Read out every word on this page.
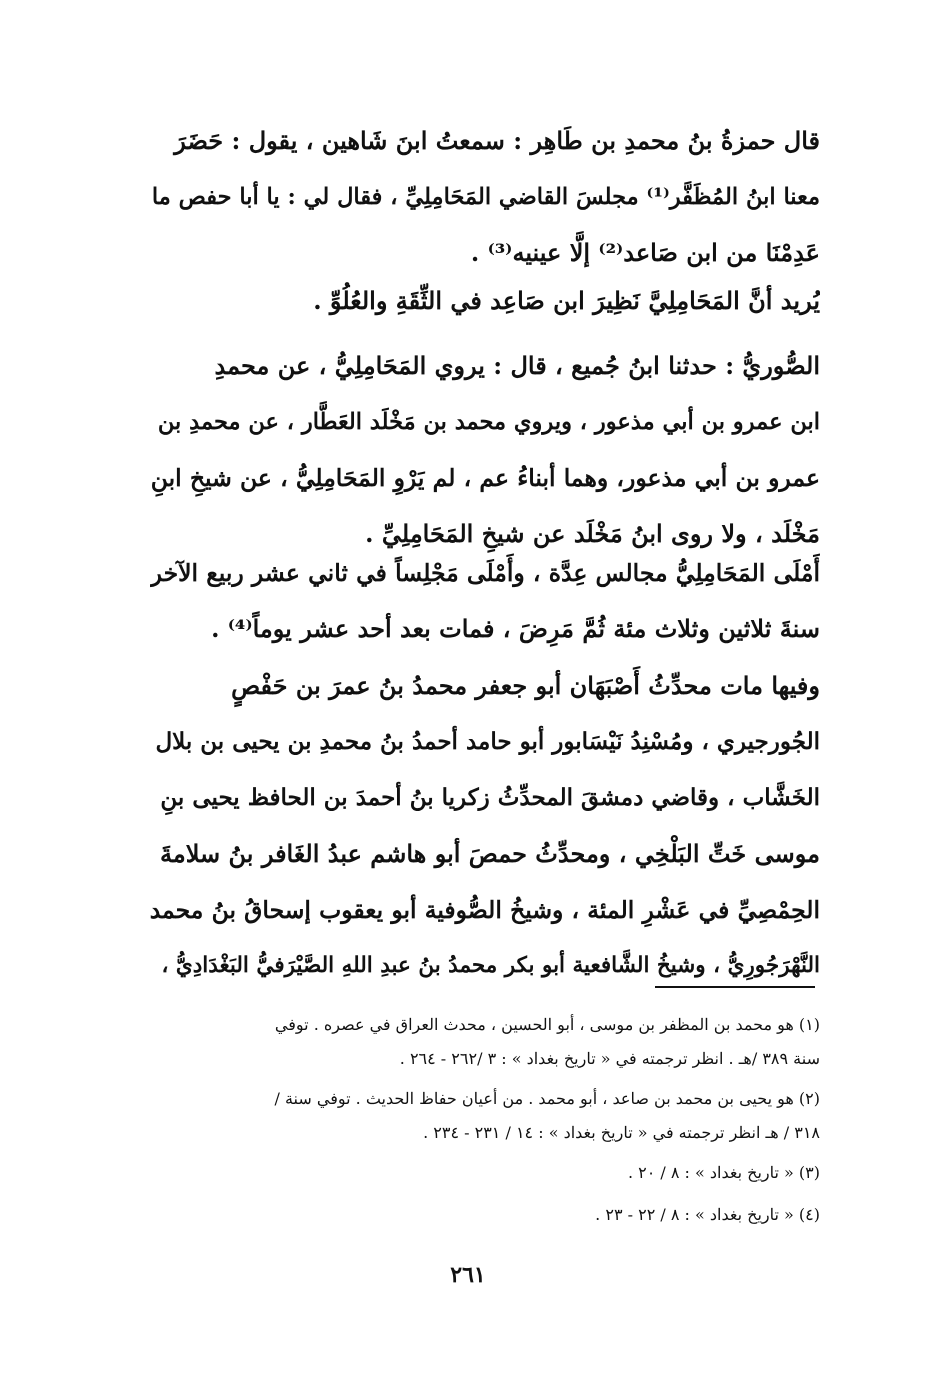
قال حمزةُ بنُ محمدِ بن طَاهِر : سمعتُ ابنَ شَاهين ، يقول : حَضَرَ
معنا ابنُ المُظَفَّر⁽¹⁾ مجلسَ القاضي المَحَامِلِيِّ ، فقال لي : يا أبا حفص ما
عَدِمْنَا من ابن صَاعد⁽²⁾ إلَّا عينيه⁽³⁾ .
يُريد أنَّ المَحَامِلِيَّ نَظِيرَ ابن صَاعِد في الثِّقَةِ والعُلُوِّ .
الصُّوريُّ : حدثنا ابنُ جُميع ، قال : يروي المَحَامِلِيُّ ، عن محمدِ
ابن عمرو بن أبي مذعور ، ويروي محمد بن مَخْلَد العَطَّار ، عن محمدِ بن
عمرو بن أبي مذعور، وهما أبناءُ عم ، لم يَرْوِ المَحَامِلِيُّ ، عن شيخِ ابنِ
مَخْلَد ، ولا روى ابنُ مَخْلَد عن شيخِ المَحَامِلِيِّ .
أَمْلَى المَحَامِلِيُّ مجالس عِدَّة ، وأَمْلَى مَجْلِساً في ثاني عشر ربيع الآخر
سنةَ ثلاثين وثلاث مئة ثُمَّ مَرِضَ ، فمات بعد أحد عشر يوماً⁽⁴⁾ .
وفيها مات محدِّثُ أَصْبَهَان أبو جعفر محمدُ بنُ عمرَ بن حَفْصٍ
الجُورجيري ، ومُسْنِدُ نَيْسَابور أبو حامد أحمدُ بنُ محمدِ بن يحيى بن بلال
الخَشَّاب ، وقاضي دمشقَ المحدِّثُ زكريا بنُ أحمدَ بن الحافظ يحيى بنِ
موسى خَتِّ البَلْخِي ، ومحدِّثُ حمصَ أبو هاشم عبدُ الغَافر بنُ سلامةَ
الحِمْصِيِّ في عَشْرِ المئة ، وشيخُ الصُّوفية أبو يعقوب إسحاقُ بنُ محمد
النَّهْرَجُورِيُّ ، وشيخُ الشَّافعية أبو بكر محمدُ بنُ عبدِ اللهِ الصَّيْرَفيُّ البَغْدَادِيُّ ،
(١) هو محمد بن المظفر بن موسى ، أبو الحسين ، محدث العراق في عصره . توفي
سنة ٣٨٩ /هـ . انظر ترجمته في « تاريخ بغداد » : ٣ /٢٦٢ - ٢٦٤ .
(٢) هو يحيى بن محمد بن صاعد ، أبو محمد . من أعيان حفاظ الحديث . توفي سنة /
٣١٨ / هـ انظر ترجمته في « تاريخ بغداد » : ١٤ / ٢٣١ - ٢٣٤ .
(٣) « تاريخ بغداد » : ٨ / ٢٠ .
(٤) « تاريخ بغداد » : ٨ / ٢٢ - ٢٣ .
٢٦١
